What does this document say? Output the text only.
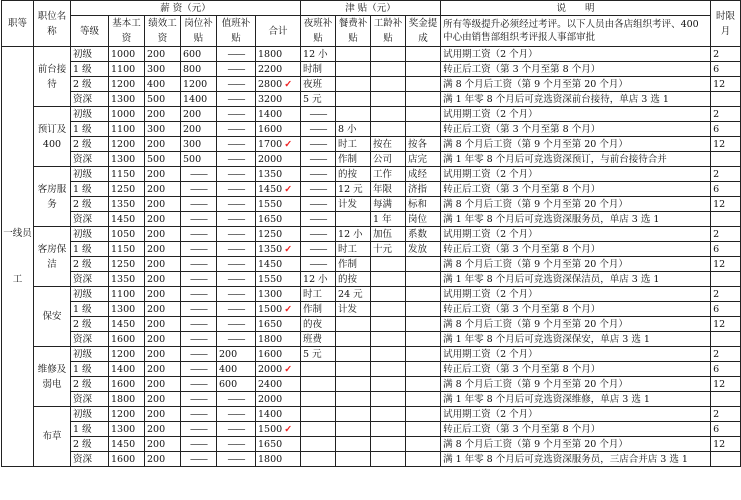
职等	职位名称	薪 资（元）						津 贴（元）				说　　明	时限月
		等级	基本工资	绩效工资	岗位补贴	值班补贴	合计	夜班补贴	餐费补贴	工龄补贴	奖金提成	所有等级提升必须经过考评。以下人员由各店组织考评、400中心由销售部组织考评报人事部审批	
一线员工	前台接待	初级	1000	200	600	——	1800	12 小				试用期工资（2 个月）	2
		1 级	1100	300	800	——	2200	时制				转正后工资（第 3 个月至第 8 个月）	6
		2 级	1200	400	1200	——	2800 ✓	夜班				满 8 个月后工资（第 9 个月至第 20 个月）	12
		资深	1300	500	1400	——	3200	5 元				满 1 年零 8 个月后可竞选资深前台接待，单店 3 选 1	
	预订及400	初级	1000	200	200	——	1400	——				试用期工资（2 个月）	2
		1 级	1100	300	200	——	1600	——	8 小			转正后工资（第 3 个月至第 8 个月）	6
		2 级	1200	200	300	——	1700 ✓	——	时工	按在	按各	满 8 个月后工资（第 9 个月至第 20 个月）	12
		资深	1300	500	500	——	2000	——	作制	公司	店完	满 1 年零 8 个月后可竞选资深预订，与前台接待合并	
	客房服务	初级	1150	200	——	——	1350	——	的按	工作	成经	试用期工资（2 个月）	2
		1 级	1250	200	——	——	1450 ✓	——	12 元	年限	济指	转正后工资（第 3 个月至第 8 个月）	6
		2 级	1350	200	——	——	1550	——	计发	每满	标和	满 8 个月后工资（第 9 个月至第 20 个月）	12
		资深	1450	200	——	——	1650	——		1 年	岗位	满 1 年零 8 个月后可竞选资深服务员，单店 3 选 1	
	客房保洁	初级	1050	200	——	——	1250	——	12 小	加伍	系数	试用期工资（2 个月）	2
		1 级	1150	200	——	——	1350 ✓	——	时工	十元	发放	转正后工资（第 3 个月至第 8 个月）	6
		2 级	1250	200	——	——	1450	——	作制			满 8 个月后工资（第 9 个月至第 20 个月）	12
		资深	1350	200	——	——	1550	12 小	的按			满 1 年零 8 个月后可竞选资深保洁员，单店 3 选 1	
	保安	初级	1100	200	——	——	1300	时工	24 元			试用期工资（2 个月）	2
		1 级	1300	200	——	——	1500 ✓	作制	计发			转正后工资（第 3 个月至第 8 个月）	6
		2 级	1450	200	——	——	1650	的夜				满 8 个月后工资（第 9 个月至第 20 个月）	12
		资深	1600	200	——	——	1800	班费				满 1 年零 8 个月后可竞选资深保安，单店 3 选 1	
	维修及弱电	初级	1200	200	——	200	1600	5 元				试用期工资（2 个月）	2
		1 级	1400	200	——	400	2000 ✓					转正后工资（第 3 个月至第 8 个月）	6
		2 级	1600	200	——	600	2400					满 8 个月后工资（第 9 个月至第 20 个月）	12
		资深	1800	200	——	——	2000					满 1 年零 8 个月后可竞选资深维修，单店 3 选 1	
	布草	初级	1200	200	——	——	1400					试用期工资（2 个月）	2
		1 级	1300	200	——	——	1500 ✓					转正后工资（第 3 个月至第 8 个月）	6
		2 级	1450	200	——	——	1650					满 8 个月后工资（第 9 个月至第 20 个月）	12
		资深	1600	200	——	——	1800					满 1 年零 8 个月后可竞选资深服务员，三店合并店 3 选 1	
